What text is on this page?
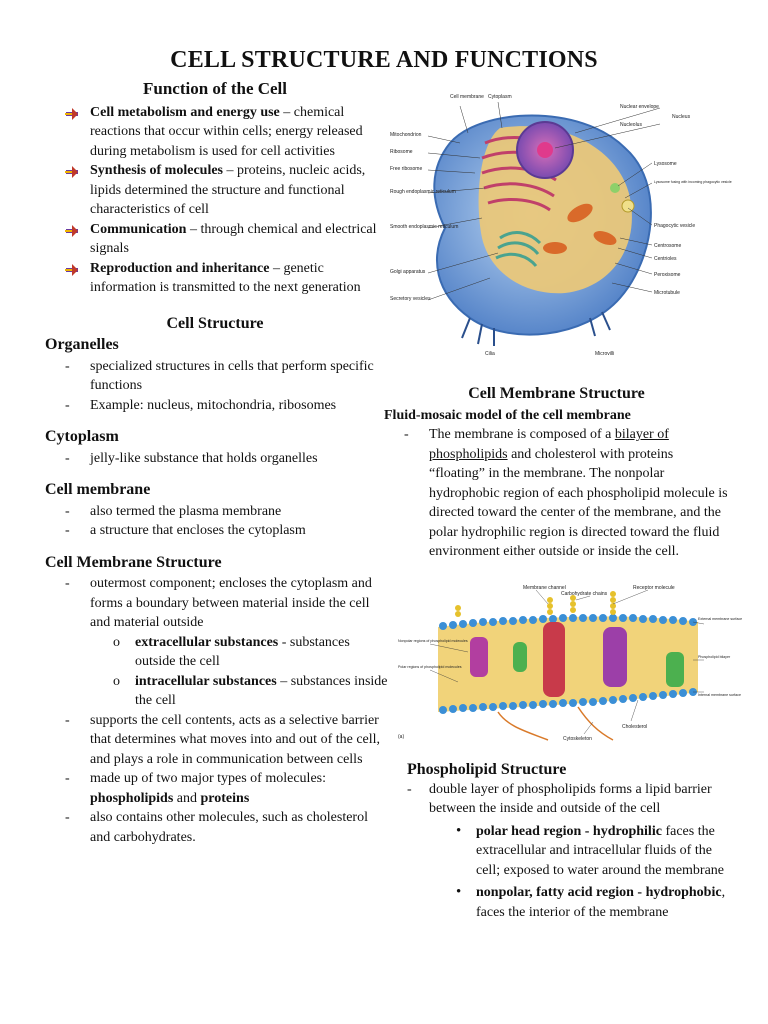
CELL STRUCTURE AND FUNCTIONS
Function of the Cell
Cell metabolism and energy use – chemical reactions that occur within cells; energy released during metabolism is used for cell activities
Synthesis of molecules – proteins, nucleic acids, lipids determined the structure and functional characteristics of cell
Communication – through chemical and electrical signals
Reproduction and inheritance – genetic information is transmitted to the next generation
Cell Structure
Organelles
- specialized structures in cells that perform specific functions
- Example: nucleus, mitochondria, ribosomes
Cytoplasm
- jelly-like substance that holds organelles
Cell membrane
- also termed the plasma membrane
- a structure that encloses the cytoplasm
Cell Membrane Structure
- outermost component; encloses the cytoplasm and forms a boundary between material inside the cell and material outside
o extracellular substances - substances outside the cell
o intracellular substances – substances inside the cell
- supports the cell contents, acts as a selective barrier that determines what moves into and out of the cell, and plays a role in communication between cells
- made up of two major types of molecules: phospholipids and proteins
- also contains other molecules, such as cholesterol and carbohydrates.
Cell membrane Cytoplasm
Nuclear envelope
Nucleolus
Nucleus
Mitochondrion
Ribosome
Free ribosome
Rough endoplasmic reticulum
Smooth endoplasmic reticulum
Golgi apparatus
Secretory vesicles
Cilia	Microvilli
Lysosome
Lysosome fusing with incoming phagocytic vesicle
Phagocytic vesicle
Centrosome
Centrioles
Peroxisome
Microtubule
Cell Membrane Structure
Fluid-mosaic model of the cell membrane
- The membrane is composed of a bilayer of phospholipids and cholesterol with proteins “floating” in the membrane. The nonpolar hydrophobic region of each phospholipid molecule is directed toward the center of the membrane, and the polar hydrophilic region is directed toward the fluid environment either outside or inside the cell.
Membrane channel	Receptor molecule
Carbohydrate chains
Nonpolar regions of phospholipid molecules
Polar regions of phospholipid molecules
External membrane surface
Phospholipid bilayer
Internal membrane surface
Cholesterol
Cytoskeleton
(a)
Phospholipid Structure
- double layer of phospholipids forms a lipid barrier between the inside and outside of the cell
• polar head region - hydrophilic faces the extracellular and intracellular fluids of the cell; exposed to water around the membrane
• nonpolar, fatty acid region - hydrophobic, faces the interior of the membrane
